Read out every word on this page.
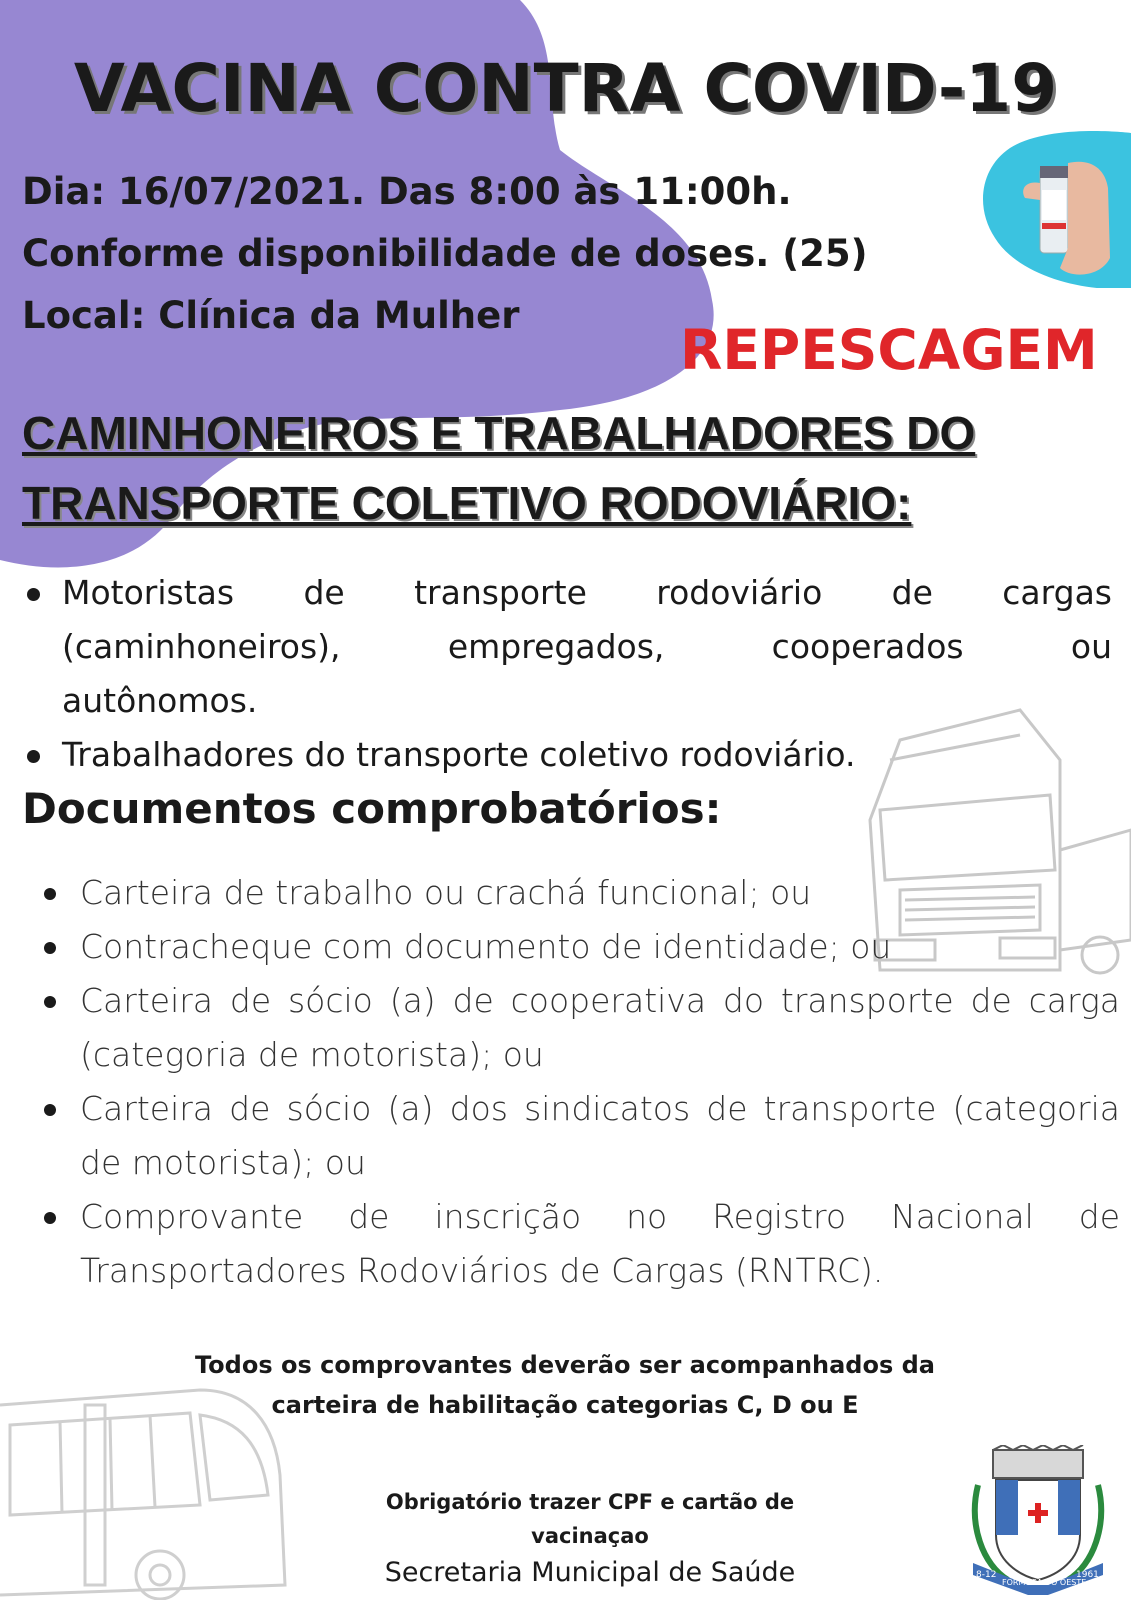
VACINA CONTRA COVID-19
Dia: 16/07/2021. Das 8:00 às 11:00h.
Conforme disponibilidade de doses. (25)
Local: Clínica da Mulher
REPESCAGEM
CAMINHONEIROS E TRABALHADORES DO
TRANSPORTE COLETIVO RODOVIÁRIO:
Motoristas de transporte rodoviário de cargas
(caminhoneiros), empregados, cooperados ou
autônomos.
Trabalhadores do transporte coletivo rodoviário.
Documentos comprobatórios:
Carteira de trabalho ou crachá funcional; ou
Contracheque com documento de identidade; ou
Carteira de sócio (a) de cooperativa do transporte de carga
(categoria de motorista); ou
Carteira de sócio (a) dos sindicatos de transporte (categoria
de motorista); ou
Comprovante de inscrição no Registro Nacional de
Transportadores Rodoviários de Cargas (RNTRC).
Todos os comprovantes deverão ser acompanhados da
carteira de habilitação categorias C, D ou E
Obrigatório trazer CPF e cartão de
vacinaçao
Secretaria Municipal de Saúde	8-12
FORMOSA DO OESTE
1961
